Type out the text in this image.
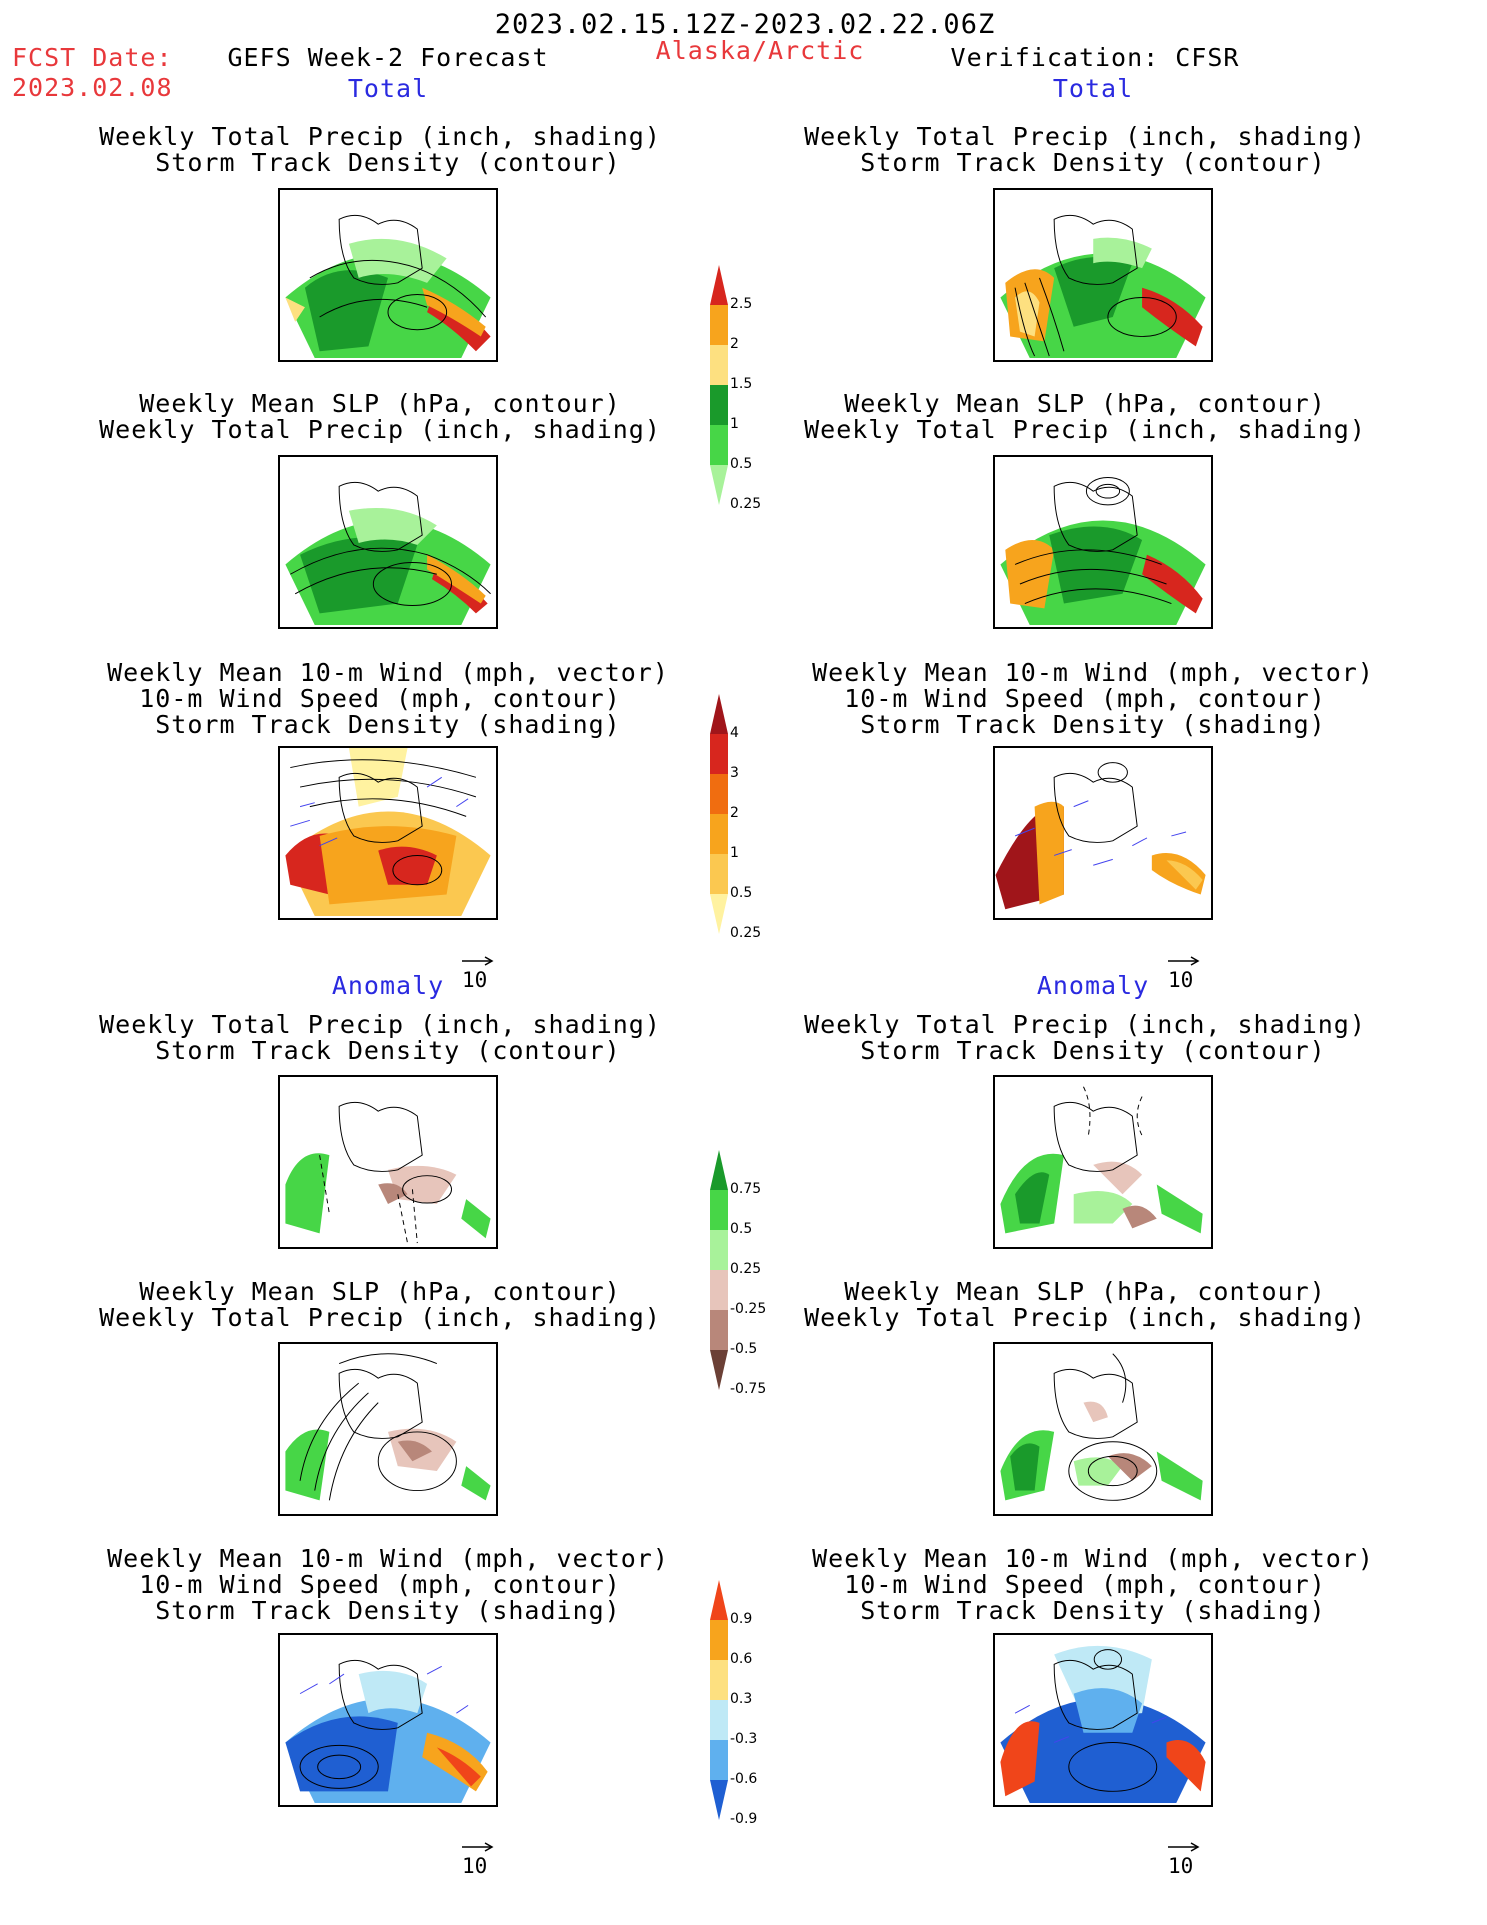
2023.02.15.12Z-2023.02.22.06Z
FCST Date:
2023.02.08
GEFS Week-2 Forecast	Alaska/Arctic	Verification: CFSR
Total	Total
Anomaly	Anomaly
Weekly Total Precip (inch, shading)
Storm Track Density (contour)
Weekly Total Precip (inch, shading)
Storm Track Density (contour)
Weekly Mean SLP (hPa, contour)
Weekly Total Precip (inch, shading)
Weekly Mean SLP (hPa, contour)
Weekly Total Precip (inch, shading)
Weekly Mean 10-m Wind (mph, vector)
10-m Wind Speed (mph, contour)
Storm Track Density (shading)
Weekly Mean 10-m Wind (mph, vector)
10-m Wind Speed (mph, contour)
Storm Track Density (shading)
Weekly Total Precip (inch, shading)
Storm Track Density (contour)
Weekly Total Precip (inch, shading)
Storm Track Density (contour)
Weekly Mean SLP (hPa, contour)
Weekly Total Precip (inch, shading)
Weekly Mean SLP (hPa, contour)
Weekly Total Precip (inch, shading)
Weekly Mean 10-m Wind (mph, vector)
10-m Wind Speed (mph, contour)
Storm Track Density (shading)
Weekly Mean 10-m Wind (mph, vector)
10-m Wind Speed (mph, contour)
Storm Track Density (shading)
10	10
10	10
2.5
2
1.5
1
0.5
0.25
4
3
2
1
0.5
0.25
0.75
0.5
0.25
-0.25
-0.5
-0.75
0.9
0.6
0.3
-0.3
-0.6
-0.9
